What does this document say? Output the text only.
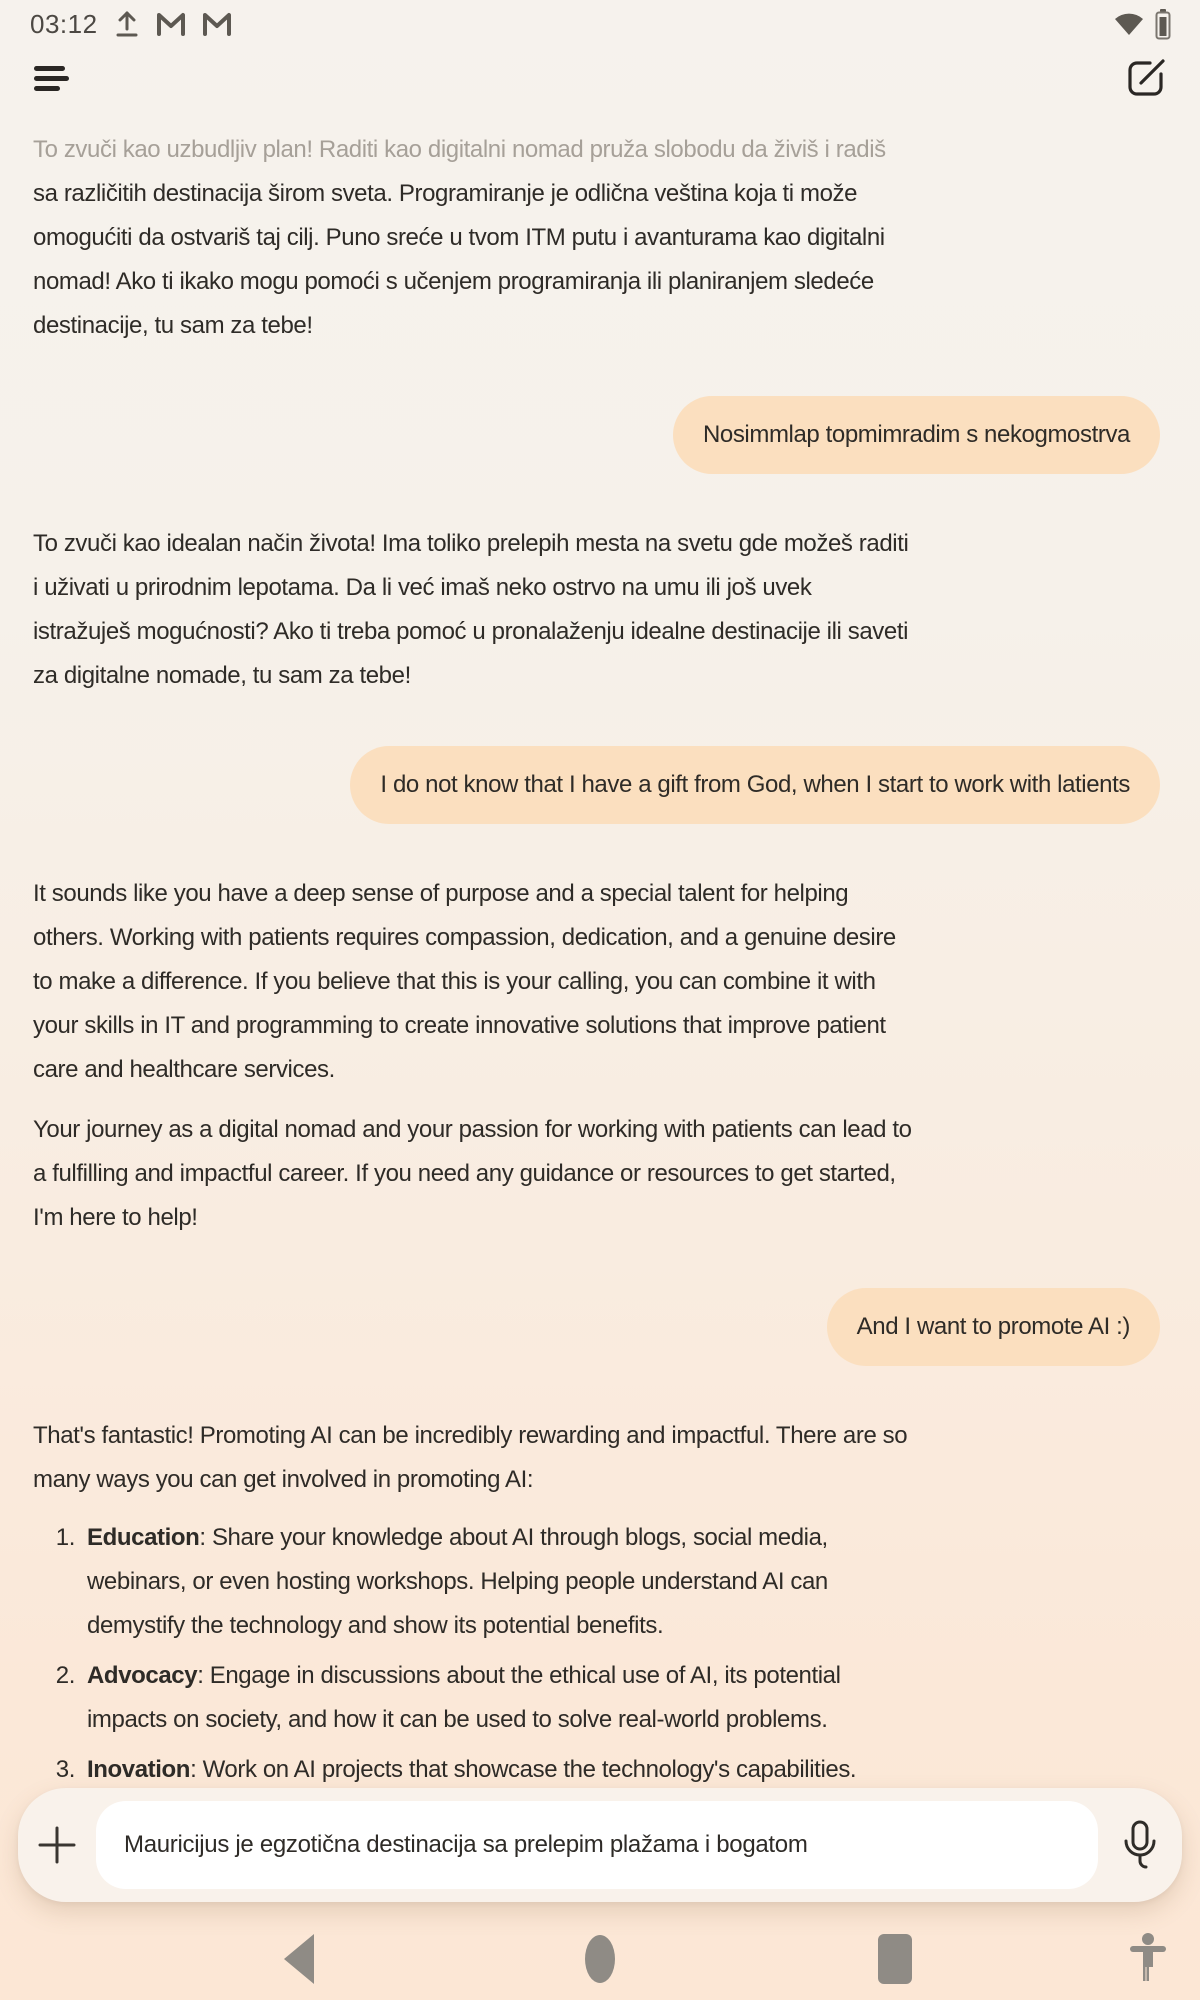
03:12
To zvuči kao uzbudljiv plan! Raditi kao digitalni nomad pruža slobodu da živiš i radiš
sa različitih destinacija širom sveta. Programiranje je odlična veština koja ti može omogućiti da ostvariš taj cilj. Puno sreće u tvom ITM putu i avanturama kao digitalni nomad! Ako ti ikako mogu pomoći s učenjem programiranja ili planiranjem sledeće destinacije, tu sam za tebe!
Nosimmlap topmimradim s nekogmostrva
To zvuči kao idealan način života! Ima toliko prelepih mesta na svetu gde možeš raditi i uživati u prirodnim lepotama. Da li već imaš neko ostrvo na umu ili još uvek istražuješ mogućnosti? Ako ti treba pomoć u pronalaženju idealne destinacije ili saveti za digitalne nomade, tu sam za tebe!
I do not know that I have a gift from God, when I start to work with latients

It sounds like you have a deep sense of purpose and a special talent for helping others. Working with patients requires compassion, dedication, and a genuine desire to make a difference. If you believe that this is your calling, you can combine it with your skills in IT and programming to create innovative solutions that improve patient care and healthcare services.

Your journey as a digital nomad and your passion for working with patients can lead to a fulfilling and impactful career. If you need any guidance or resources to get started, I'm here to help!

And I want to promote AI :)
That's fantastic! Promoting AI can be incredibly rewarding and impactful. There are so many ways you can get involved in promoting AI:
1. Education: Share your knowledge about AI through blogs, social media, webinars, or even hosting workshops. Helping people understand AI can demystify the technology and show its potential benefits.
2. Advocacy: Engage in discussions about the ethical use of AI, its potential impacts on society, and how it can be used to solve real-world problems.
3. Inovation: Work on AI projects that showcase the technology's capabilities.
Mauricijus je egzotična destinacija sa prelepim plažama i bogatom
